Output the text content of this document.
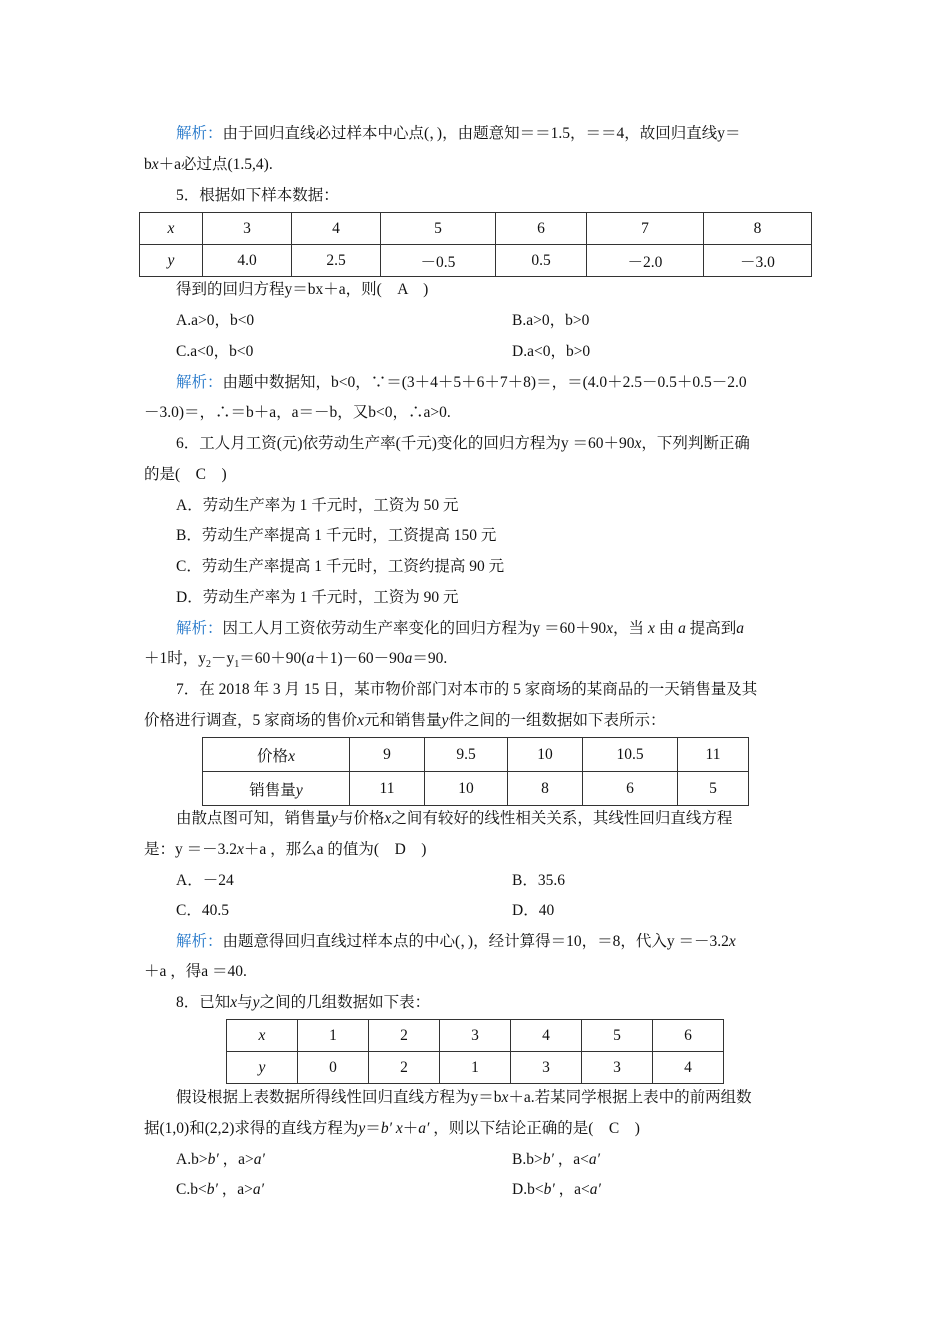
解析：由于回归直线必过样本中心点(，)，由题意知＝＝1.5，＝＝4，故回归直线y＝
bx＋a必过点(1.5,4).
5．根据如下样本数据：
x	3	4	5	6	7	8
y	4.0	2.5	－0.5	0.5	－2.0	－3.0
得到的回归方程y＝bx＋a，则(　A　)
A.a>0，b<0	B.a>0，b>0
C.a<0，b<0	D.a<0，b>0
解析：由题中数据知，b<0，∵＝(3＋4＋5＋6＋7＋8)＝，＝(4.0＋2.5－0.5＋0.5－2.0
－3.0)＝，∴＝b＋a，a＝－b，又b<0，∴a>0.
6．工人月工资(元)依劳动生产率(千元)变化的回归方程为y ＝60＋90x，下列判断正确
的是(　C　)
A．劳动生产率为 1 千元时，工资为 50 元
B．劳动生产率提高 1 千元时，工资提高 150 元
C．劳动生产率提高 1 千元时，工资约提高 90 元
D．劳动生产率为 1 千元时，工资为 90 元
解析：因工人月工资依劳动生产率变化的回归方程为y ＝60＋90x，当 x 由 a 提高到a
＋1时，$y_2-y_1=60+90(a+1)-60-90a=90$.
7．在 2018 年 3 月 15 日，某市物价部门对本市的 5 家商场的某商品的一天销售量及其
价格进行调查，5 家商场的售价x元和销售量y件之间的一组数据如下表所示：
价格x	9	9.5	10	10.5	11
销售量y	11	10	8	6	5
由散点图可知，销售量y与价格x之间有较好的线性相关关系，其线性回归直线方程
是：y ＝－3.2x＋a ，那么a 的值为(　D　)
A．－24	B．35.6
C．40.5	D．40
解析：由题意得回归直线过样本点的中心(，)，经计算得＝10，＝8，代入y ＝－3.2x
＋a ，得a ＝40.
8．已知x与y之间的几组数据如下表：
x	1	2	3	4	5	6
y	0	2	1	3	3	4
假设根据上表数据所得线性回归直线方程为y＝bx＋a.若某同学根据上表中的前两组数
据(1,0)和(2,2)求得的直线方程为y＝b′ x＋a′ ，则以下结论正确的是(　C　)
A.b>b′ ，a>a′	B.b>b′ ，a<a′
C.b<b′ ，a>a′	D.b<b′ ，a<a′
